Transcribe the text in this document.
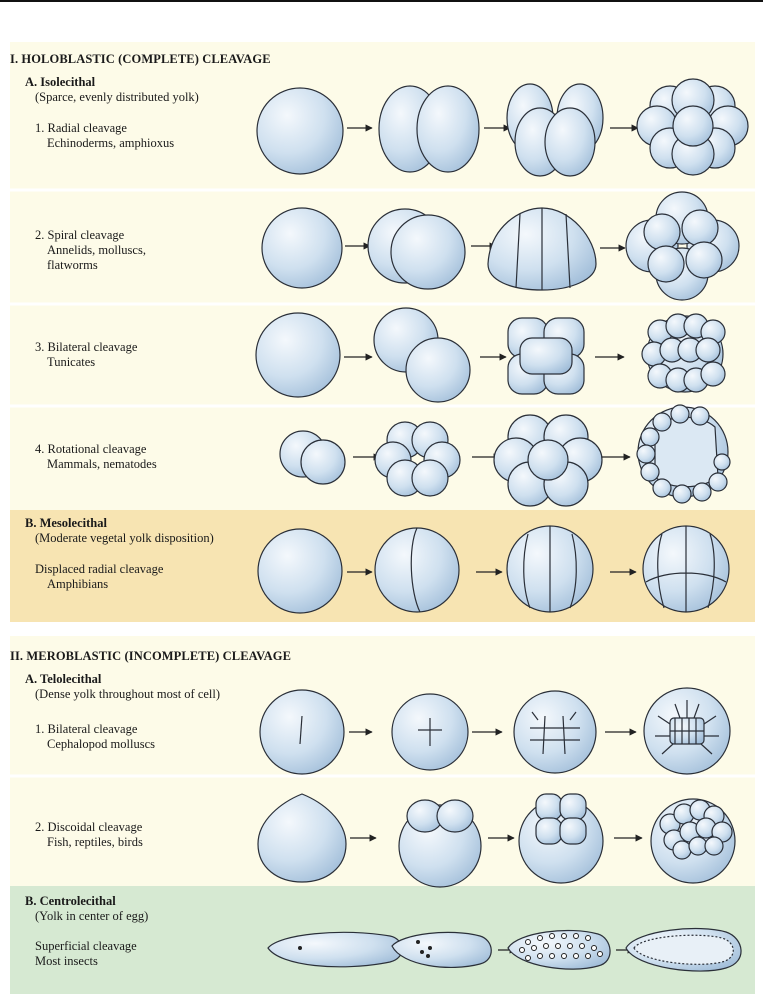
I. HOLOBLASTIC (COMPLETE) CLEAVAGE
A. Isolecithal
(Sparce, evenly distributed yolk)
1. Radial cleavage
Echinoderms, amphioxus
2. Spiral cleavage
Annelids, molluscs,
flatworms
3. Bilateral cleavage
Tunicates
4. Rotational cleavage
Mammals, nematodes
B. Mesolecithal
(Moderate vegetal yolk disposition)
Displaced radial cleavage
Amphibians
II. MEROBLASTIC (INCOMPLETE) CLEAVAGE
A. Telolecithal
(Dense yolk throughout most of cell)
1. Bilateral cleavage
Cephalopod molluscs
2. Discoidal cleavage
Fish, reptiles, birds
B. Centrolecithal
(Yolk in center of egg)
Superficial cleavage
Most insects
